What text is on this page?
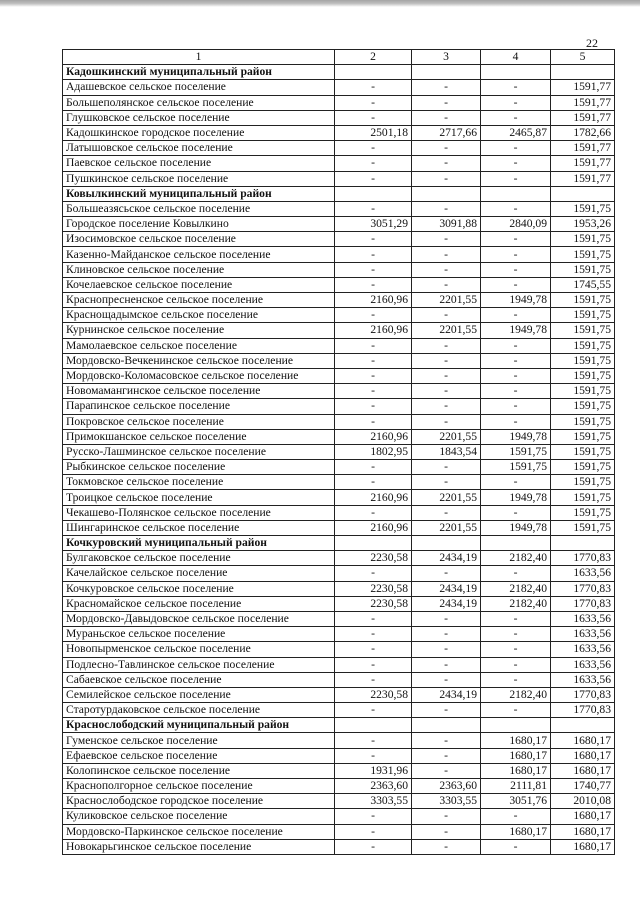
22
1	2	3	4	5
Кадошкинский муниципальный район				
Адашевское сельское поселение	-	-	-	1591,77
Большеполянское сельское поселение	-	-	-	1591,77
Глушковское сельское поселение	-	-	-	1591,77
Кадошкинское городское поселение	2501,18	2717,66	2465,87	1782,66
Латышовское сельское поселение	-	-	-	1591,77
Паевское сельское поселение	-	-	-	1591,77
Пушкинское сельское поселение	-	-	-	1591,77
Ковылкинский муниципальный район				
Большеазясьское сельское поселение	-	-	-	1591,75
Городское поселение Ковылкино	3051,29	3091,88	2840,09	1953,26
Изосимовское сельское поселение	-	-	-	1591,75
Казенно-Майданское сельское поселение	-	-	-	1591,75
Клиновское сельское поселение	-	-	-	1591,75
Кочелаевское сельское поселение	-	-	-	1745,55
Краснопресненское сельское поселение	2160,96	2201,55	1949,78	1591,75
Краснощадымское сельское поселение	-	-	-	1591,75
Курнинское сельское поселение	2160,96	2201,55	1949,78	1591,75
Мамолаевское сельское поселение	-	-	-	1591,75
Мордовско-Вечкенинское сельское поселение	-	-	-	1591,75
Мордовско-Коломасовское сельское поселение	-	-	-	1591,75
Новомамангинское сельское поселение	-	-	-	1591,75
Парапинское сельское поселение	-	-	-	1591,75
Покровское сельское поселение	-	-	-	1591,75
Примокшанское сельское поселение	2160,96	2201,55	1949,78	1591,75
Русско-Лашминское сельское поселение	1802,95	1843,54	1591,75	1591,75
Рыбкинское сельское поселение	-	-	1591,75	1591,75
Токмовское сельское поселение	-	-	-	1591,75
Троицкое сельское поселение	2160,96	2201,55	1949,78	1591,75
Чекашево-Полянское сельское поселение	-	-	-	1591,75
Шингаринское сельское поселение	2160,96	2201,55	1949,78	1591,75
Кочкуровский муниципальный район				
Булгаковское сельское поселение	2230,58	2434,19	2182,40	1770,83
Качелайское сельское поселение	-	-	-	1633,56
Кочкуровское сельское поселение	2230,58	2434,19	2182,40	1770,83
Красномайское сельское поселение	2230,58	2434,19	2182,40	1770,83
Мордовско-Давыдовское сельское поселение	-	-	-	1633,56
Мураньское сельское поселение	-	-	-	1633,56
Новопырменское сельское поселение	-	-	-	1633,56
Подлесно-Тавлинское сельское поселение	-	-	-	1633,56
Сабаевское сельское поселение	-	-	-	1633,56
Семилейское сельское поселение	2230,58	2434,19	2182,40	1770,83
Старотурдаковское сельское поселение	-	-	-	1770,83
Краснослободский муниципальный район				
Гуменское сельское поселение	-	-	1680,17	1680,17
Ефаевское сельское поселение	-	-	1680,17	1680,17
Колопинское сельское поселение	1931,96	-	1680,17	1680,17
Краснополгорное сельское поселение	2363,60	2363,60	2111,81	1740,77
Краснослободское городское поселение	3303,55	3303,55	3051,76	2010,08
Куликовское сельское поселение	-	-	-	1680,17
Мордовско-Паркинское сельское поселение	-	-	1680,17	1680,17
Новокарьгинское сельское поселение	-	-	-	1680,17
